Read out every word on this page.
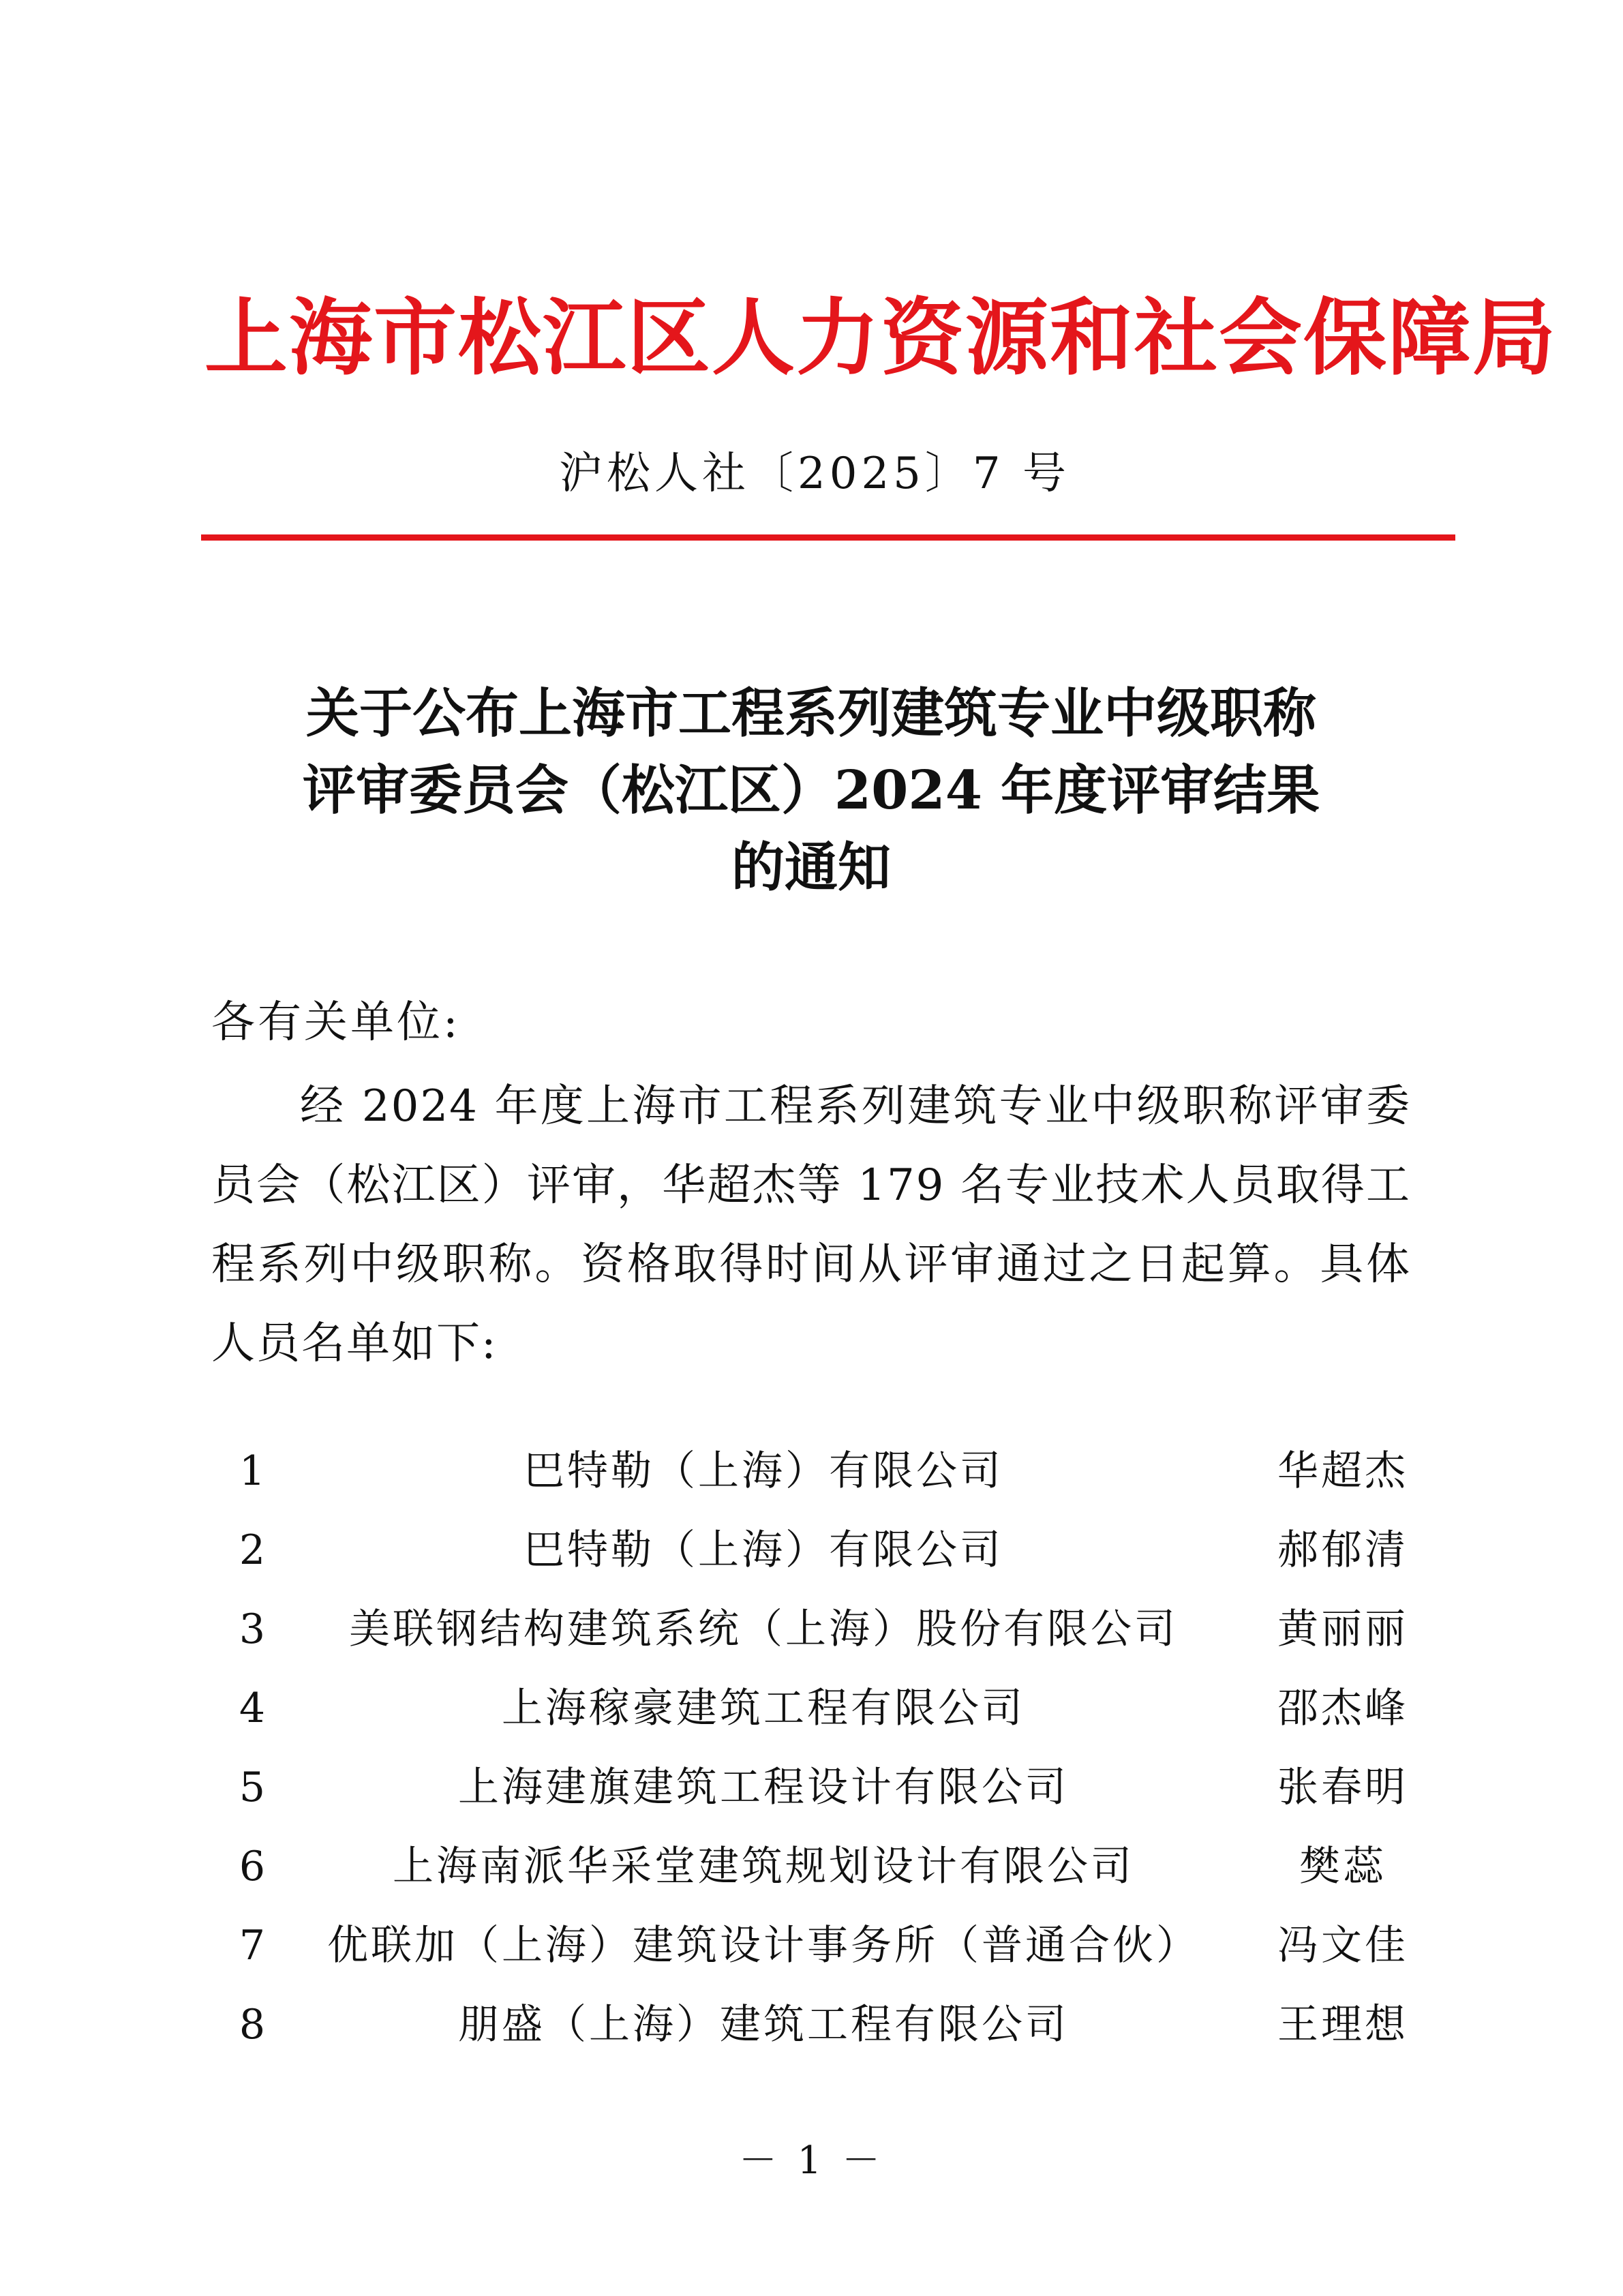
上海市松江区人力资源和社会保障局
沪松人社〔2025〕7 号
关于公布上海市工程系列建筑专业中级职称
评审委员会（松江区）2024 年度评审结果
的通知
各有关单位:
经 2024 年度上海市工程系列建筑专业中级职称评审委员会（松江区）评审，华超杰等 179 名专业技术人员取得工程系列中级职称。资格取得时间从评审通过之日起算。具体人员名单如下:
1	巴特勒（上海）有限公司	华超杰
2	巴特勒（上海）有限公司	郝郁清
3	美联钢结构建筑系统（上海）股份有限公司	黄丽丽
4	上海稼豪建筑工程有限公司	邵杰峰
5	上海建旗建筑工程设计有限公司	张春明
6	上海南派华采堂建筑规划设计有限公司	樊蕊
7	优联加（上海）建筑设计事务所（普通合伙）	冯文佳
8	朋盛（上海）建筑工程有限公司	王理想
－ 1 －
